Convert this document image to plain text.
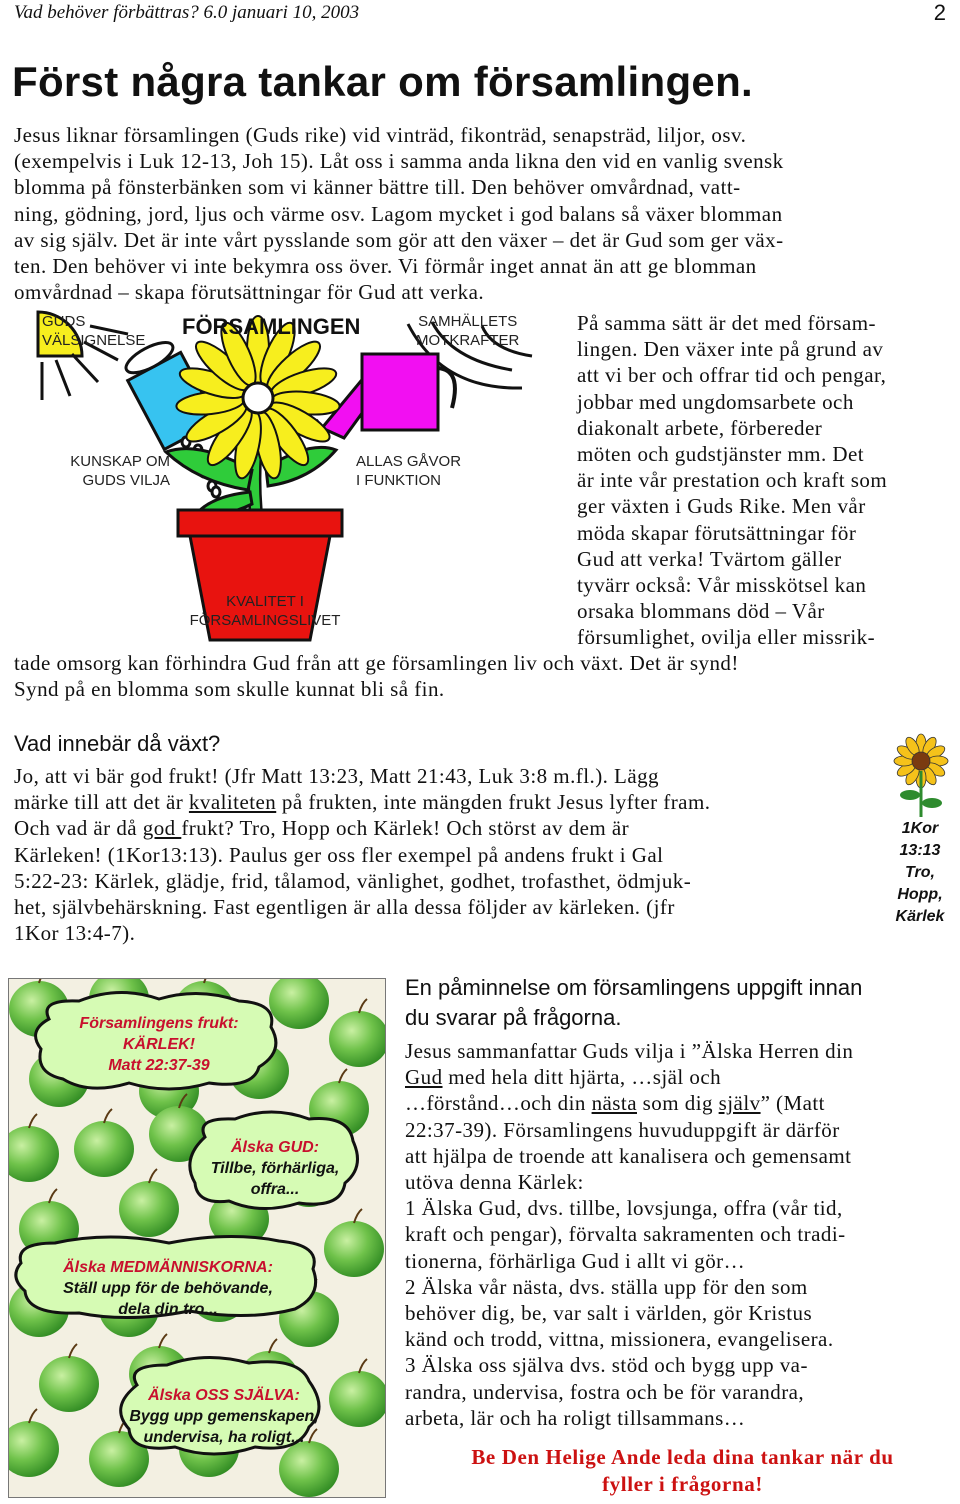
Vad behöver förbättras? 6.0 januari 10, 2003	2
Först några tankar om församlingen.
Jesus liknar församlingen (Guds rike) vid vinträd, fikonträd, senapsträd, liljor, osv.
(exempelvis i Luk 12-13, Joh 15). Låt oss i samma anda likna den vid en vanlig svensk
blomma på fönsterbänken som vi känner bättre till. Den behöver omvårdnad, vatt-
ning, gödning, jord, ljus och värme osv. Lagom mycket i god balans så växer blomman
av sig själv. Det är inte vårt pysslande som gör att den växer – det är Gud som ger väx-
ten. Den behöver vi inte bekymra oss över. Vi förmår inget annat än att ge blomman
omvårdnad – skapa förutsättningar för Gud att verka.
GUDS
VÄLSIGNELSE
FÖRSAMLINGEN	SAMHÄLLETS
MOTKRAFTER
KUNSKAP OM
GUDS VILJA
ALLAS GÅVOR
I FUNKTION
KVALITET I
FÖRSAMLINGSLIVET
På samma sätt är det med försam-
lingen. Den växer inte på grund av
att vi ber och offrar tid och pengar,
jobbar med ungdomsarbete och
diakonalt arbete, förbereder
möten och gudstjänster mm. Det
är inte vår prestation och kraft som
ger växten i Guds Rike. Men vår
möda skapar förutsättningar för
Gud att verka! Tvärtom gäller
tyvärr också: Vår misskötsel kan
orsaka blommans död – Vår
försumlighet, ovilja eller missrik-
tade omsorg kan förhindra Gud från att ge församlingen liv och växt. Det är synd!
Synd på en blomma som skulle kunnat bli så fin.
Vad innebär då växt?
Jo, att vi bär god frukt! (Jfr Matt 13:23, Matt 21:43, Luk 3:8 m.fl.). Lägg
märke till att det är kvaliteten på frukten, inte mängden frukt Jesus lyfter fram.
Och vad är då god frukt? Tro, Hopp och Kärlek! Och störst av dem är
Kärleken! (1Kor13:13). Paulus ger oss fler exempel på andens frukt i Gal
5:22-23: Kärlek, glädje, frid, tålamod, vänlighet, godhet, trofasthet, ödmjuk-
het, självbehärskning. Fast egentligen är alla dessa följder av kärleken. (jfr
1Kor 13:4-7).
1Kor
13:13
Tro,
Hopp,
Kärlek
Församlingens frukt:
KÄRLEK!
Matt 22:37-39
Älska GUD:
Tillbe, förhärliga,
offra...
Älska MEDMÄNNISKORNA:
Ställ upp för de behövande,
dela din tro...
Älska OSS SJÄLVA:
Bygg upp gemenskapen,
undervisa, ha roligt...
En påminnelse om församlingens uppgift innan
du svarar på frågorna.
Jesus sammanfattar Guds vilja i ”Älska Herren din
Gud med hela ditt hjärta, …själ och
…förstånd…och din nästa som dig själv” (Matt
22:37-39). Församlingens huvuduppgift är därför
att hjälpa de troende att kanalisera och gemensamt
utöva denna Kärlek:
1 Älska Gud, dvs. tillbe, lovsjunga, offra (vår tid,
kraft och pengar), förvalta sakramenten och tradi-
tionerna, förhärliga Gud i allt vi gör…
2 Älska vår nästa, dvs. ställa upp för den som
behöver dig, be, var salt i världen, gör Kristus
känd och trodd, vittna, missionera, evangelisera.
3 Älska oss själva dvs. stöd och bygg upp va-
randra, undervisa, fostra och be för varandra,
arbeta, lär och ha roligt tillsammans…
Be Den Helige Ande leda dina tankar när du
fyller i frågorna!
